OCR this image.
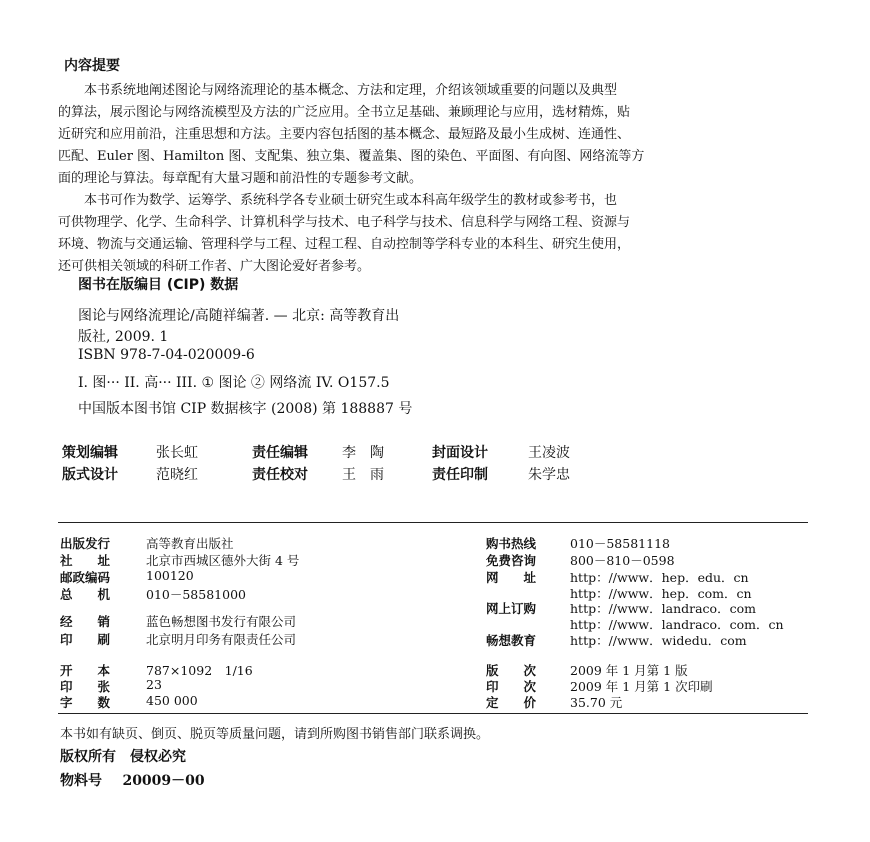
内容提要
本书系统地阐述图论与网络流理论的基本概念、方法和定理，介绍该领域重要的问题以及典型
的算法，展示图论与网络流模型及方法的广泛应用。全书立足基础、兼顾理论与应用，选材精炼，贴
近研究和应用前沿，注重思想和方法。主要内容包括图的基本概念、最短路及最小生成树、连通性、
匹配、Euler 图、Hamilton 图、支配集、独立集、覆盖集、图的染色、平面图、有向图、网络流等方
面的理论与算法。每章配有大量习题和前沿性的专题参考文献。
本书可作为数学、运筹学、系统科学各专业硕士研究生或本科高年级学生的教材或参考书，也
可供物理学、化学、生命科学、计算机科学与技术、电子科学与技术、信息科学与网络工程、资源与
环境、物流与交通运输、管理科学与工程、过程工程、自动控制等学科专业的本科生、研究生使用，
还可供相关领域的科研工作者、广大图论爱好者参考。
图书在版编目 (CIP) 数据
图论与网络流理论/高随祥编著. — 北京: 高等教育出
版社, 2009. 1
ISBN 978-7-04-020009-6
I. 图··· II. 高··· III. ① 图论 ② 网络流 IV. O157.5
中国版本图书馆 CIP 数据核字 (2008) 第 188887 号
策划编辑	张长虹	责任编辑 李　陶	封面设计	王凌波
版式设计	范晓红	责任校对 王　雨	责任印制	朱学忠
出版发行	高等教育出版社
社　　址	北京市西城区德外大街 4 号
邮政编码	100120
总　　机	010－58581000
经　　销	蓝色畅想图书发行有限公司
印　　刷	北京明月印务有限责任公司
购书热线	010－58581118
免费咨询	800－810－0598
网　　址	http：//www．hep．edu．cn
http：//www．hep．com．cn
网上订购	http：//www．landraco．com
http：//www．landraco．com．cn
畅想教育	http：//www．widedu．com
开　　本	787×1092　1/16
印　　张	23
字　　数	450 000
版　　次	2009 年 1 月第 1 版
印　　次	2009 年 1 月第 1 次印刷
定　　价	35.70 元
本书如有缺页、倒页、脱页等质量问题，请到所购图书销售部门联系调换。
版权所有　侵权必究
物料号 20009－00
